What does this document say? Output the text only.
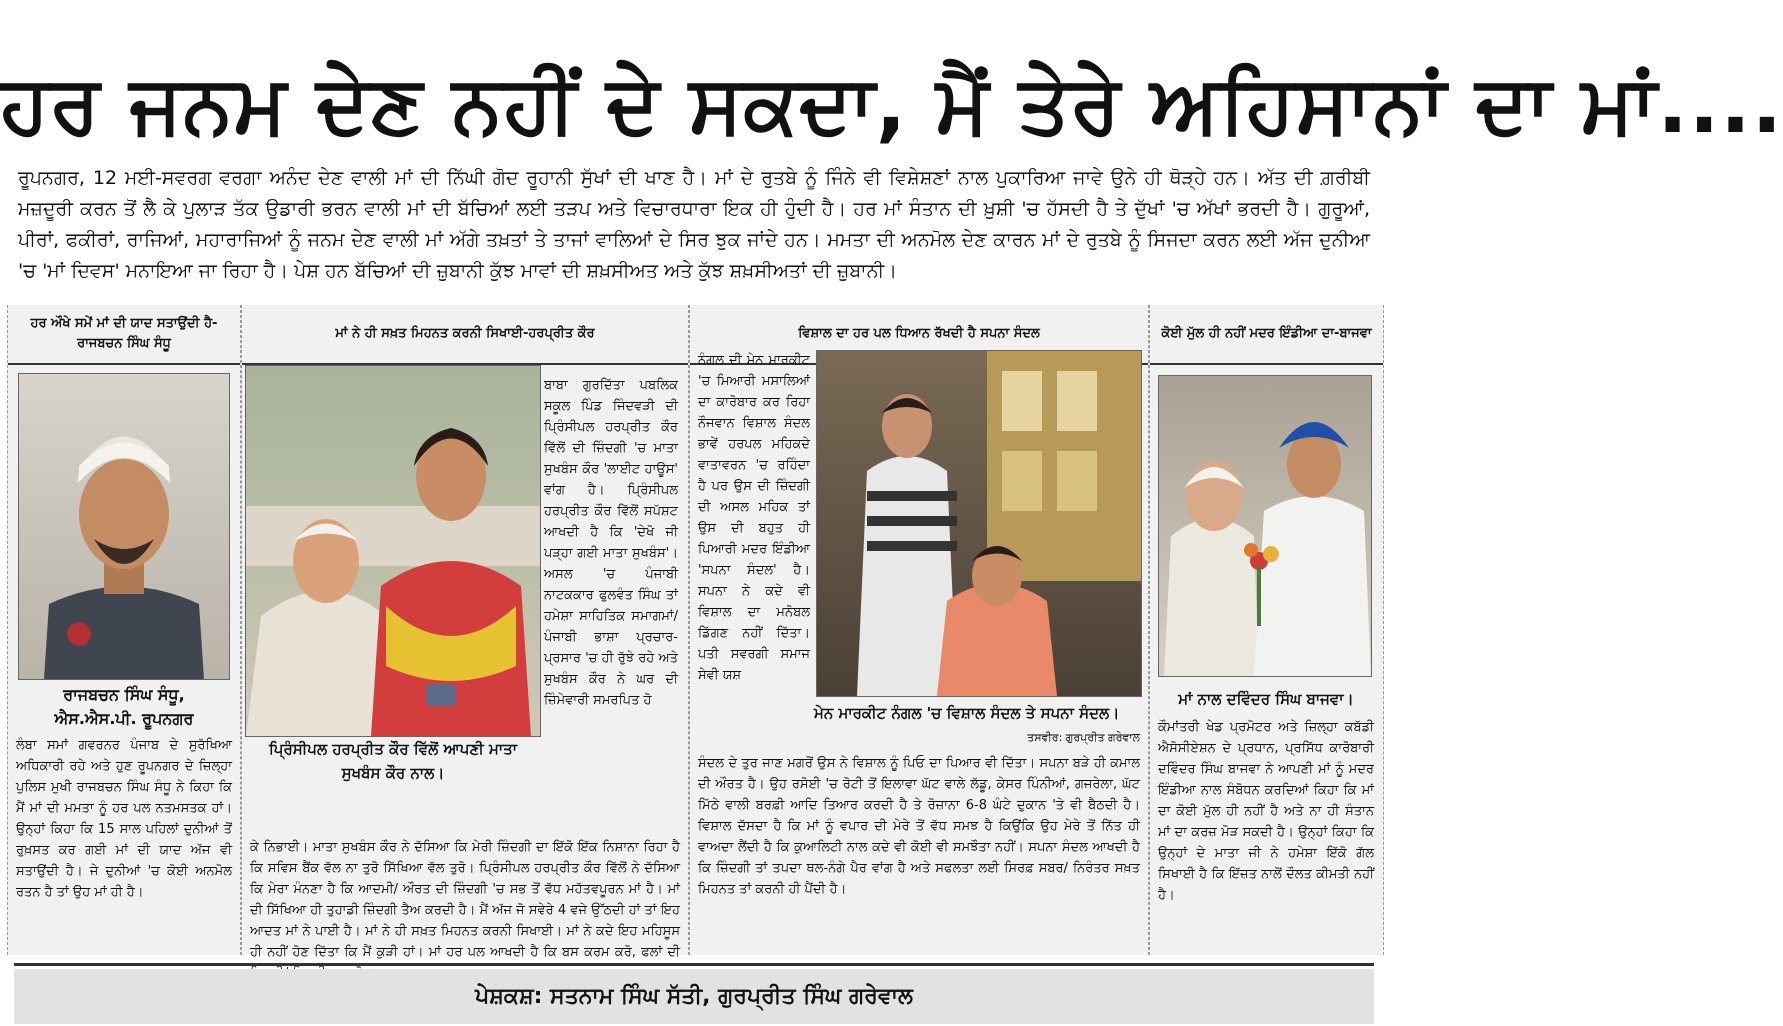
ਹਰ ਜਨਮ ਦੇਣ ਨਹੀਂ ਦੇ ਸਕਦਾ, ਮੈਂ ਤੇਰੇ ਅਹਿਸਾਨਾਂ ਦਾ ਮਾਂ....
ਰੂਪਨਗਰ, 12 ਮਈ-ਸਵਰਗ ਵਰਗਾ ਅਨੰਦ ਦੇਣ ਵਾਲੀ ਮਾਂ ਦੀ ਨਿੱਘੀ ਗੋਦ ਰੂਹਾਨੀ ਸੁੱਖਾਂ ਦੀ ਖਾਣ ਹੈ। ਮਾਂ ਦੇ ਰੁਤਬੇ ਨੂੰ ਜਿੰਨੇ ਵੀ ਵਿਸ਼ੇਸ਼ਣਾਂ ਨਾਲ ਪੁਕਾਰਿਆ ਜਾਵੇ ਉਨੇ ਹੀ ਥੋੜ੍ਹੇ ਹਨ। ਅੱਤ ਦੀ ਗ਼ਰੀਬੀ ਮਜ਼ਦੂਰੀ ਕਰਨ ਤੋਂ ਲੈ ਕੇ ਪੁਲਾੜ ਤੱਕ ਉਡਾਰੀ ਭਰਨ ਵਾਲੀ ਮਾਂ ਦੀ ਬੱਚਿਆਂ ਲਈ ਤੜਪ ਅਤੇ ਵਿਚਾਰਧਾਰਾ ਇਕ ਹੀ ਹੁੰਦੀ ਹੈ। ਹਰ ਮਾਂ ਸੰਤਾਨ ਦੀ ਖ਼ੁਸ਼ੀ 'ਚ ਹੱਸਦੀ ਹੈ ਤੇ ਦੁੱਖਾਂ 'ਚ ਅੱਖਾਂ ਭਰਦੀ ਹੈ। ਗੁਰੂਆਂ, ਪੀਰਾਂ, ਫਕੀਰਾਂ, ਰਾਜਿਆਂ, ਮਹਾਰਾਜਿਆਂ ਨੂੰ ਜਨਮ ਦੇਣ ਵਾਲੀ ਮਾਂ ਅੱਗੇ ਤਖ਼ਤਾਂ ਤੇ ਤਾਜਾਂ ਵਾਲਿਆਂ ਦੇ ਸਿਰ ਝੁਕ ਜਾਂਦੇ ਹਨ। ਮਮਤਾ ਦੀ ਅਨਮੋਲ ਦੇਣ ਕਾਰਨ ਮਾਂ ਦੇ ਰੁਤਬੇ ਨੂੰ ਸਿਜਦਾ ਕਰਨ ਲਈ ਅੱਜ ਦੁਨੀਆ 'ਚ 'ਮਾਂ ਦਿਵਸ' ਮਨਾਇਆ ਜਾ ਰਿਹਾ ਹੈ। ਪੇਸ਼ ਹਨ ਬੱਚਿਆਂ ਦੀ ਜ਼ੁਬਾਨੀ ਕੁੱਝ ਮਾਵਾਂ ਦੀ ਸ਼ਖ਼ਸੀਅਤ ਅਤੇ ਕੁੱਝ ਸ਼ਖ਼ਸੀਅਤਾਂ ਦੀ ਜ਼ੁਬਾਨੀ।
ਹਰ ਔਖੇ ਸਮੇਂ ਮਾਂ ਦੀ ਯਾਦ ਸਤਾਉਂਦੀ ਹੈ-ਰਾਜਬਚਨ ਸਿੰਘ ਸੰਧੂ
ਰਾਜਬਚਨ ਸਿੰਘ ਸੰਧੂ,
ਐਸ.ਐਸ.ਪੀ. ਰੂਪਨਗਰ
ਲੰਬਾ ਸਮਾਂ ਗਵਰਨਰ ਪੰਜਾਬ ਦੇ ਸੁਰੱਖਿਆ ਅਧਿਕਾਰੀ ਰਹੇ ਅਤੇ ਹੁਣ ਰੂਪਨਗਰ ਦੇ ਜ਼ਿਲ੍ਹਾ ਪੁਲਿਸ ਮੁਖੀ ਰਾਜਬਚਨ ਸਿੰਘ ਸੰਧੂ ਨੇ ਕਿਹਾ ਕਿ ਮੈਂ ਮਾਂ ਦੀ ਮਮਤਾ ਨੂੰ ਹਰ ਪਲ ਨਤਮਸਤਕ ਹਾਂ। ਉਨ੍ਹਾਂ ਕਿਹਾ ਕਿ 15 ਸਾਲ ਪਹਿਲਾਂ ਦੁਨੀਆਂ ਤੋਂ ਰੁਖ਼ਸਤ ਕਰ ਗਈ ਮਾਂ ਦੀ ਯਾਦ ਅੱਜ ਵੀ ਸਤਾਉਂਦੀ ਹੈ। ਜੇ ਦੁਨੀਆਂ 'ਚ ਕੋਈ ਅਨਮੋਲ ਰਤਨ ਹੈ ਤਾਂ ਉਹ ਮਾਂ ਹੀ ਹੈ।
ਮਾਂ ਨੇ ਹੀ ਸਖ਼ਤ ਮਿਹਨਤ ਕਰਨੀ ਸਿਖਾਈ-ਹਰਪ੍ਰੀਤ ਕੌਰ
ਬਾਬਾ ਗੁਰਦਿੱਤਾ ਪਬਲਿਕ ਸਕੂਲ ਪਿੰਡ ਜਿੰਦਵੜੀ ਦੀ ਪ੍ਰਿੰਸੀਪਲ ਹਰਪ੍ਰੀਤ ਕੌਰ ਵਿੱਲੋਂ ਦੀ ਜ਼ਿੰਦਗੀ 'ਚ ਮਾਤਾ ਸੁਖਬੰਸ ਕੌਰ 'ਲਾਈਟ ਹਾਊਸ' ਵਾਂਗ ਹੈ। ਪ੍ਰਿੰਸੀਪਲ ਹਰਪ੍ਰੀਤ ਕੌਰ ਵਿੱਲੋਂ ਸਪੱਸ਼ਟ ਆਖਦੀ ਹੈ ਕਿ 'ਦੇਖੋ ਜੀ ਪੜ੍ਹਾ ਗਈ ਮਾਤਾ ਸੁਖਬੰਸ'। ਅਸਲ 'ਚ ਪੰਜਾਬੀ ਨਾਟਕਕਾਰ ਫੁਲਵੰਤ ਸਿੰਘ ਤਾਂ ਹਮੇਸ਼ਾ ਸਾਹਿਤਿਕ ਸਮਾਗਮਾਂ/ ਪੰਜਾਬੀ ਭਾਸ਼ਾ ਪ੍ਰਚਾਰ-ਪ੍ਰਸਾਰ 'ਚ ਹੀ ਰੁੱਝੇ ਰਹੇ ਅਤੇ ਸੁਖਬੰਸ ਕੌਰ ਨੇ ਘਰ ਦੀ ਜ਼ਿੰਮੇਵਾਰੀ ਸਮਰਪਿਤ ਹੋ
ਪ੍ਰਿੰਸੀਪਲ ਹਰਪ੍ਰੀਤ ਕੌਰ ਵਿੱਲੋਂ ਆਪਣੀ ਮਾਤਾ ਸੁਖਬੰਸ ਕੌਰ ਨਾਲ।
ਕੇ ਨਿਭਾਈ। ਮਾਤਾ ਸੁਖਬੰਸ ਕੌਰ ਨੇ ਦੱਸਿਆ ਕਿ ਮੇਰੀ ਜ਼ਿੰਦਗੀ ਦਾ ਇੱਕੋ ਇੱਕ ਨਿਸ਼ਾਨਾ ਰਿਹਾ ਹੈ ਕਿ ਸਵਿਸ ਬੈਂਕ ਵੱਲ ਨਾ ਤੁਰੋ ਸਿੱਖਿਆ ਵੱਲ ਤੁਰੋ। ਪ੍ਰਿੰਸੀਪਲ ਹਰਪ੍ਰੀਤ ਕੌਰ ਵਿੱਲੋਂ ਨੇ ਦੱਸਿਆ ਕਿ ਮੇਰਾ ਮੰਨਣਾ ਹੈ ਕਿ ਆਦਮੀ/ ਔਰਤ ਦੀ ਜ਼ਿੰਦਗੀ 'ਚ ਸਭ ਤੋਂ ਵੱਧ ਮਹੱਤਵਪੂਰਨ ਮਾਂ ਹੈ। ਮਾਂ ਦੀ ਸਿੱਖਿਆ ਹੀ ਤੁਹਾਡੀ ਜ਼ਿੰਦਗੀ ਤੈਅ ਕਰਦੀ ਹੈ। ਮੈਂ ਅੱਜ ਜੋ ਸਵੇਰੇ 4 ਵਜੇ ਉੱਠਦੀ ਹਾਂ ਤਾਂ ਇਹ ਆਦਤ ਮਾਂ ਨੇ ਪਾਈ ਹੈ। ਮਾਂ ਨੇ ਹੀ ਸਖ਼ਤ ਮਿਹਨਤ ਕਰਨੀ ਸਿਖਾਈ। ਮਾਂ ਨੇ ਕਦੇ ਇਹ ਮਹਿਸੂਸ ਹੀ ਨਹੀਂ ਹੋਣ ਦਿੱਤਾ ਕਿ ਮੈਂ ਕੁੜੀ ਹਾਂ। ਮਾਂ ਹਰ ਪਲ ਆਖਦੀ ਹੈ ਕਿ ਬਸ ਕਰਮ ਕਰੋ, ਫਲਾਂ ਦੀ
ਵਿਸ਼ਾਲ ਦਾ ਹਰ ਪਲ ਧਿਆਨ ਰੱਖਦੀ ਹੈ ਸਪਨਾ ਸੰਦਲ
ਨੰਗਲ ਦੀ ਮੇਨ ਮਾਰਕੀਟ 'ਚ ਮਿਆਰੀ ਮਸਾਲਿਆਂ ਦਾ ਕਾਰੋਬਾਰ ਕਰ ਰਿਹਾ ਨੌਜਵਾਨ ਵਿਸ਼ਾਲ ਸੰਦਲ ਭਾਵੇਂ ਹਰਪਲ ਮਹਿਕਦੇ ਵਾਤਾਵਰਨ 'ਚ ਰਹਿੰਦਾ ਹੈ ਪਰ ਉਸ ਦੀ ਜ਼ਿੰਦਗੀ ਦੀ ਅਸਲ ਮਹਿਕ ਤਾਂ ਉਸ ਦੀ ਬਹੁਤ ਹੀ ਪਿਆਰੀ ਮਦਰ ਇੰਡੀਆ 'ਸਪਨਾ ਸੰਦਲ' ਹੈ। ਸਪਨਾ ਨੇ ਕਦੇ ਵੀ ਵਿਸ਼ਾਲ ਦਾ ਮਨੋਬਲ ਡਿੱਗਣ ਨਹੀਂ ਦਿੱਤਾ। ਪਤੀ ਸਵਰਗੀ ਸਮਾਜ ਸੇਵੀ ਯਸ਼
ਮੇਨ ਮਾਰਕੀਟ ਨੰਗਲ 'ਚ ਵਿਸ਼ਾਲ ਸੰਦਲ ਤੇ ਸਪਨਾ ਸੰਦਲ।
ਤਸਵੀਰ: ਗੁਰਪ੍ਰੀਤ ਗਰੇਵਾਲ
ਸੰਦਲ ਦੇ ਤੁਰ ਜਾਣ ਮਗਰੋਂ ਉਸ ਨੇ ਵਿਸ਼ਾਲ ਨੂੰ ਪਿਓ ਦਾ ਪਿਆਰ ਵੀ ਦਿੱਤਾ। ਸਪਨਾ ਬੜੇ ਹੀ ਕਮਾਲ ਦੀ ਔਰਤ ਹੈ। ਉਹ ਰਸੋਈ 'ਚ ਰੋਟੀ ਤੋਂ ਇਲਾਵਾ ਘੱਟ ਵਾਲੇ ਲੱਡੂ, ਕੇਸਰ ਪਿੰਨੀਆਂ, ਗਜਰੇਲਾ, ਘੱਟ ਮਿੱਠੇ ਵਾਲੀ ਬਰਫ਼ੀ ਆਦਿ ਤਿਆਰ ਕਰਦੀ ਹੈ ਤੇ ਰੋਜ਼ਾਨਾ 6-8 ਘੰਟੇ ਦੁਕਾਨ 'ਤੇ ਵੀ ਬੈਠਦੀ ਹੈ। ਵਿਸ਼ਾਲ ਦੱਸਦਾ ਹੈ ਕਿ ਮਾਂ ਨੂੰ ਵਪਾਰ ਦੀ ਮੇਰੇ ਤੋਂ ਵੱਧ ਸਮਝ ਹੈ ਕਿਉਂਕਿ ਉਹ ਮੇਰੇ ਤੋਂ ਨਿੱਤ ਹੀ ਵਾਅਦਾ ਲੈਂਦੀ ਹੈ ਕਿ ਕੁਆਲਿਟੀ ਨਾਲ ਕਦੇ ਵੀ ਕੋਈ ਵੀ ਸਮਝੌਤਾ ਨਹੀਂ। ਸਪਨਾ ਸੰਦਲ ਆਖਦੀ ਹੈ ਕਿ ਜ਼ਿੰਦਗੀ ਤਾਂ ਤਪਦਾ ਥਲ-ਨੰਗੇ ਪੈਰ ਵਾਂਗ ਹੈ ਅਤੇ ਸਫਲਤਾ ਲਈ ਸਿਰਫ਼ ਸਬਰ/ ਨਿਰੰਤਰ ਸਖ਼ਤ ਮਿਹਨਤ ਤਾਂ ਕਰਨੀ ਹੀ ਪੈਂਦੀ ਹੈ।
ਕੋਈ ਮੁੱਲ ਹੀ ਨਹੀਂ ਮਦਰ ਇੰਡੀਆ ਦਾ-ਬਾਜਵਾ
ਮਾਂ ਨਾਲ ਦਵਿੰਦਰ ਸਿੰਘ ਬਾਜਵਾ।
ਕੌਮਾਂਤਰੀ ਖੇਡ ਪ੍ਰਮੋਟਰ ਅਤੇ ਜ਼ਿਲ੍ਹਾ ਕਬੱਡੀ ਐਸੋਸੀਏਸ਼ਨ ਦੇ ਪ੍ਰਧਾਨ, ਪ੍ਰਸਿੱਧ ਕਾਰੋਬਾਰੀ ਦਵਿੰਦਰ ਸਿੰਘ ਬਾਜਵਾ ਨੇ ਆਪਣੀ ਮਾਂ ਨੂੰ ਮਦਰ ਇੰਡੀਆ ਨਾਲ ਸੰਬੋਧਨ ਕਰਦਿਆਂ ਕਿਹਾ ਕਿ ਮਾਂ ਦਾ ਕੋਈ ਮੁੱਲ ਹੀ ਨਹੀਂ ਹੈ ਅਤੇ ਨਾ ਹੀ ਸੰਤਾਨ ਮਾਂ ਦਾ ਕਰਜ਼ ਮੋੜ ਸਕਦੀ ਹੈ। ਉਨ੍ਹਾਂ ਕਿਹਾ ਕਿ ਉਨ੍ਹਾਂ ਦੇ ਮਾਤਾ ਜੀ ਨੇ ਹਮੇਸ਼ਾ ਇੱਕੋ ਗੱਲ ਸਿਖਾਈ ਹੈ ਕਿ ਇੱਜ਼ਤ ਨਾਲੋਂ ਦੌਲਤ ਕੀਮਤੀ ਨਹੀਂ ਹੈ।
ਪੇਸ਼ਕਸ਼: ਸਤਨਾਮ ਸਿੰਘ ਸੱਤੀ, ਗੁਰਪ੍ਰੀਤ ਸਿੰਘ ਗਰੇਵਾਲ
